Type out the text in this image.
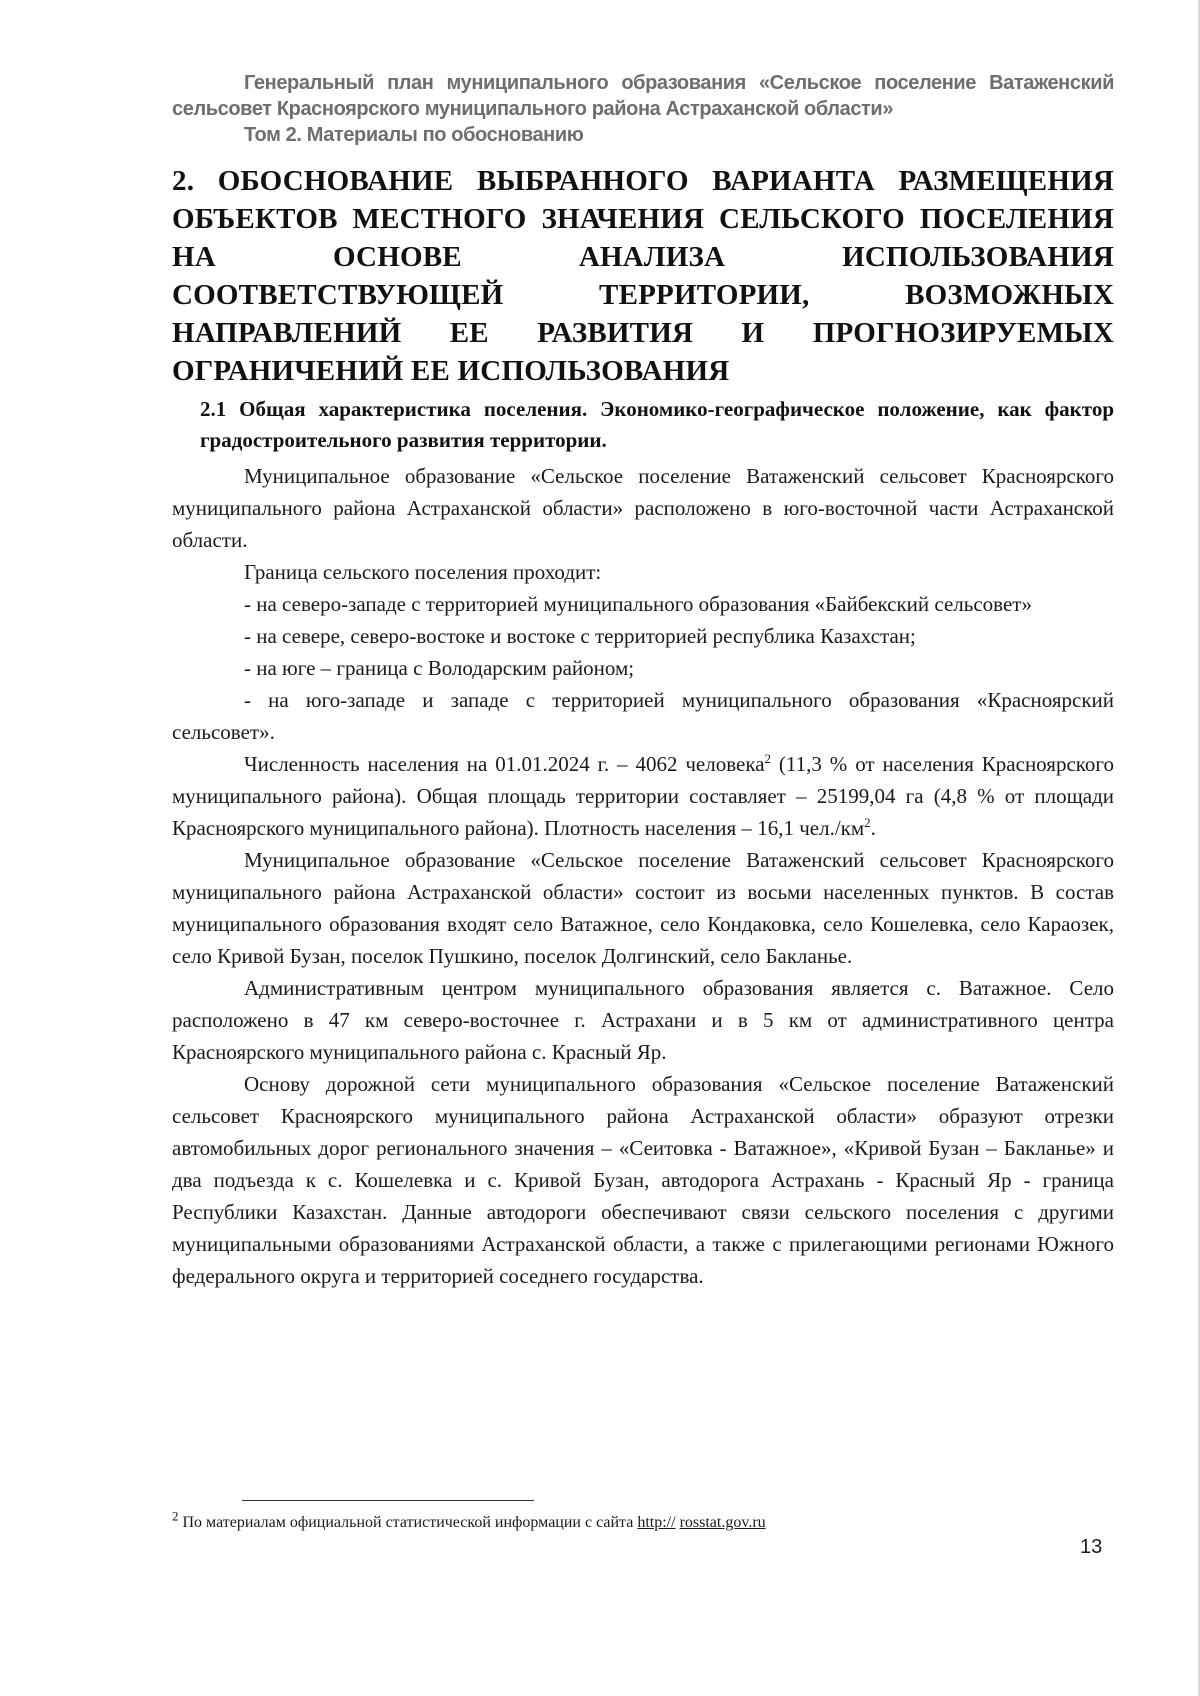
Генеральный план муниципального образования «Сельское поселение Ватаженский
сельсовет Красноярского муниципального района Астраханской области»
Том 2. Материалы по обоснованию
2. ОБОСНОВАНИЕ ВЫБРАННОГО ВАРИАНТА РАЗМЕЩЕНИЯ ОБЪЕКТОВ МЕСТНОГО ЗНАЧЕНИЯ СЕЛЬСКОГО ПОСЕЛЕНИЯ НА ОСНОВЕ АНАЛИЗА ИСПОЛЬЗОВАНИЯ СООТВЕТСТВУЮЩЕЙ ТЕРРИТОРИИ, ВОЗМОЖНЫХ НАПРАВЛЕНИЙ ЕЕ РАЗВИТИЯ И ПРОГНОЗИРУЕМЫХ ОГРАНИЧЕНИЙ ЕЕ ИСПОЛЬЗОВАНИЯ
2.1 Общая характеристика поселения. Экономико-географическое положение, как фактор градостроительного развития территории.

Муниципальное образование «Сельское поселение Ватаженский сельсовет Красноярского муниципального района Астраханской области» расположено в юго-восточной части Астраханской области.

Граница сельского поселения проходит:

- на северо-западе с территорией муниципального образования «Байбекский сельсовет»

- на севере, северо-востоке и востоке с территорией республика Казахстан;

- на юге – граница с Володарским районом;

- на юго-западе и западе с территорией муниципального образования «Красноярский сельсовет».

Численность населения на 01.01.2024 г. – 4062 человека$^2$ (11,3 % от населения Красноярского муниципального района). Общая площадь территории составляет – 25199,04 га (4,8 % от площади Красноярского муниципального района). Плотность населения – 16,1 $чел./км^2$.

Муниципальное образование «Сельское поселение Ватаженский сельсовет Красноярского муниципального района Астраханской области» состоит из восьми населенных пунктов. В состав муниципального образования входят село Ватажное, село Кондаковка, село Кошелевка, село Караозек, село Кривой Бузан, поселок Пушкино, поселок Долгинский, село Бакланье.

Административным центром муниципального образования является с. Ватажное. Село расположено в 47 км северо-восточнее г. Астрахани и в 5 км от административного центра Красноярского муниципального района с. Красный Яр.

Основу дорожной сети муниципального образования «Сельское поселение Ватаженский сельсовет Красноярского муниципального района Астраханской области» образуют отрезки автомобильных дорог регионального значения – «Сеитовка - Ватажное», «Кривой Бузан – Бакланье» и два подъезда к с. Кошелевка и с. Кривой Бузан, автодорога Астрахань - Красный Яр - граница Республики Казахстан. Данные автодороги обеспечивают связи сельского поселения с другими муниципальными образованиями Астраханской области, а также с прилегающими регионами Южного федерального округа и территорией соседнего государства.

$^2$ По материалам официальной статистической информации с сайта http:// rosstat.gov.ru
13
